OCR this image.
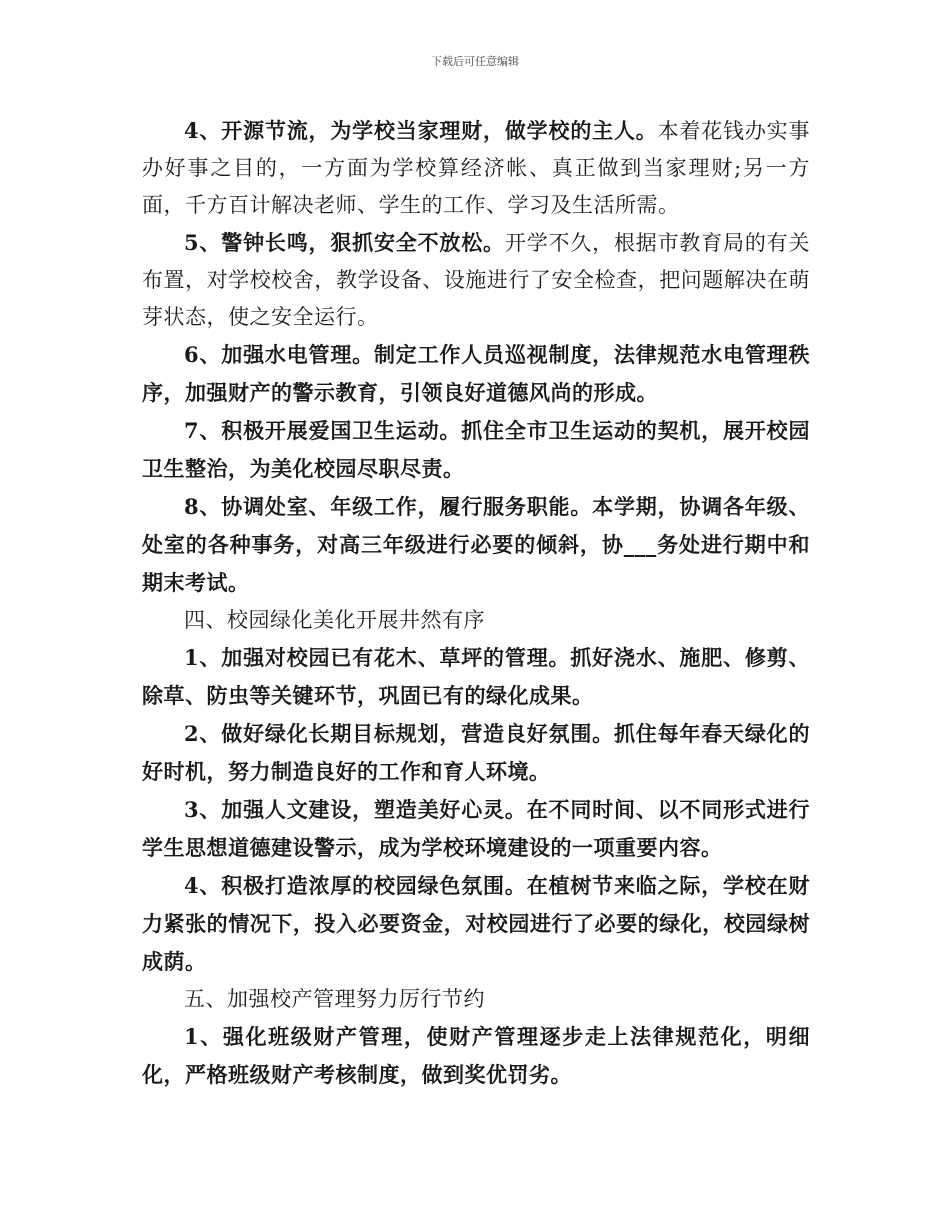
下载后可任意编辑

4、开源节流，为学校当家理财，做学校的主人。本着花钱办实事办好事之目的，一方面为学校算经济帐、真正做到当家理财;另一方面，千方百计解决老师、学生的工作、学习及生活所需。

5、警钟长鸣，狠抓安全不放松。开学不久，根据市教育局的有关布置，对学校校舍，教学设备、设施进行了安全检查，把问题解决在萌芽状态，使之安全运行。

6、加强水电管理。制定工作人员巡视制度，法律规范水电管理秩序，加强财产的警示教育，引领良好道德风尚的形成。

7、积极开展爱国卫生运动。抓住全市卫生运动的契机，展开校园卫生整治，为美化校园尽职尽责。

8、协调处室、年级工作，履行服务职能。本学期，协调各年级、处室的各种事务，对高三年级进行必要的倾斜，协___务处进行期中和期末考试。

四、校园绿化美化开展井然有序

1、加强对校园已有花木、草坪的管理。抓好浇水、施肥、修剪、除草、防虫等关键环节，巩固已有的绿化成果。

2、做好绿化长期目标规划，营造良好氛围。抓住每年春天绿化的好时机，努力制造良好的工作和育人环境。

3、加强人文建设，塑造美好心灵。在不同时间、以不同形式进行学生思想道德建设警示，成为学校环境建设的一项重要内容。

4、积极打造浓厚的校园绿色氛围。在植树节来临之际，学校在财力紧张的情况下，投入必要资金，对校园进行了必要的绿化，校园绿树成荫。

五、加强校产管理努力厉行节约

1、强化班级财产管理，使财产管理逐步走上法律规范化，明细化，严格班级财产考核制度，做到奖优罚劣。
